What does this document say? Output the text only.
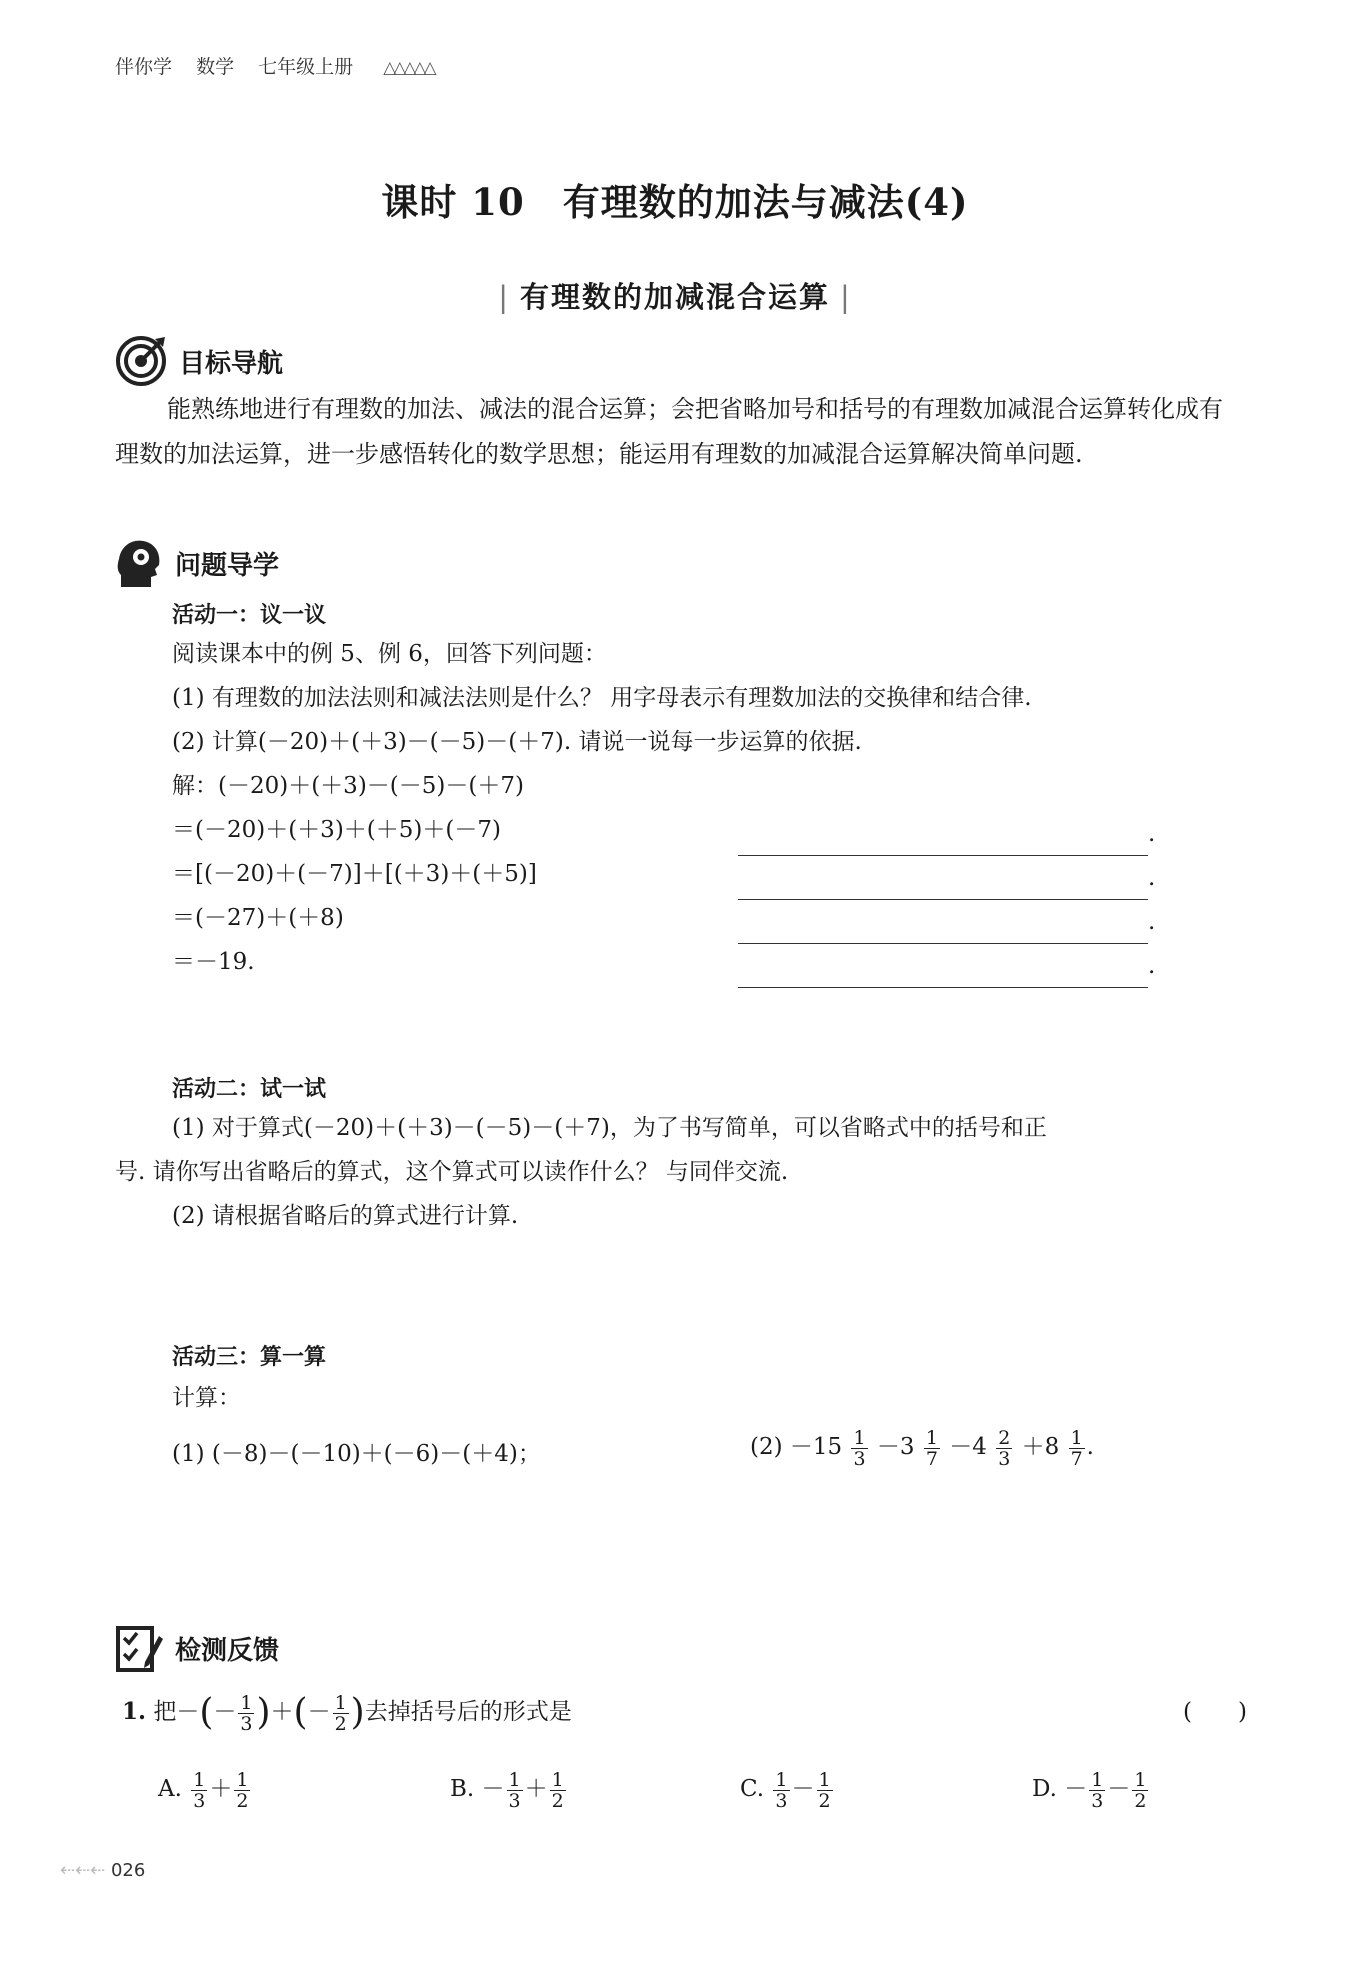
伴你学 数学 七年级上册 △△△△△
课时 10　有理数的加法与减法(4)
| 有理数的加减混合运算 |
目标导航
能熟练地进行有理数的加法、减法的混合运算；会把省略加号和括号的有理数加减混合运算转化成有理数的加法运算，进一步感悟转化的数学思想；能运用有理数的加减混合运算解决简单问题.
问题导学
活动一：议一议
阅读课本中的例 5、例 6，回答下列问题：
(1) 有理数的加法法则和减法法则是什么？ 用字母表示有理数加法的交换律和结合律.
(2) 计算(－20)＋(＋3)－(－5)－(＋7). 请说一说每一步运算的依据.
解：(－20)＋(＋3)－(－5)－(＋7)
＝(－20)＋(＋3)＋(＋5)＋(－7)
＝[(－20)＋(－7)]＋[(＋3)＋(＋5)]
＝(－27)＋(＋8)
＝－19.
.
.
.
.
活动二：试一试
(1) 对于算式(－20)＋(＋3)－(－5)－(＋7)，为了书写简单，可以省略式中的括号和正
号. 请你写出省略后的算式，这个算式可以读作什么？ 与同伴交流.
(2) 请根据省略后的算式进行计算.
活动三：算一算
计算：
(1) (－8)－(－10)＋(－6)－(＋4)；	$(2) -15 \frac{1}{3} -3 \frac{1}{7} -4 \frac{2}{3} +8 \frac{1}{7}$ .
检测反馈
1. 把－(－ $\frac{1}{3}$ )＋(－ $\frac{1}{2}$ )去掉括号后的形式是	(　　)
A. $\frac{1}{3} + \frac{1}{2}$	B. － $\frac{1}{3} + \frac{1}{2}$	C. $\frac{1}{3} - \frac{1}{2}$	D. － $\frac{1}{3} - \frac{1}{2}$
⇠⇠⇠ 026
